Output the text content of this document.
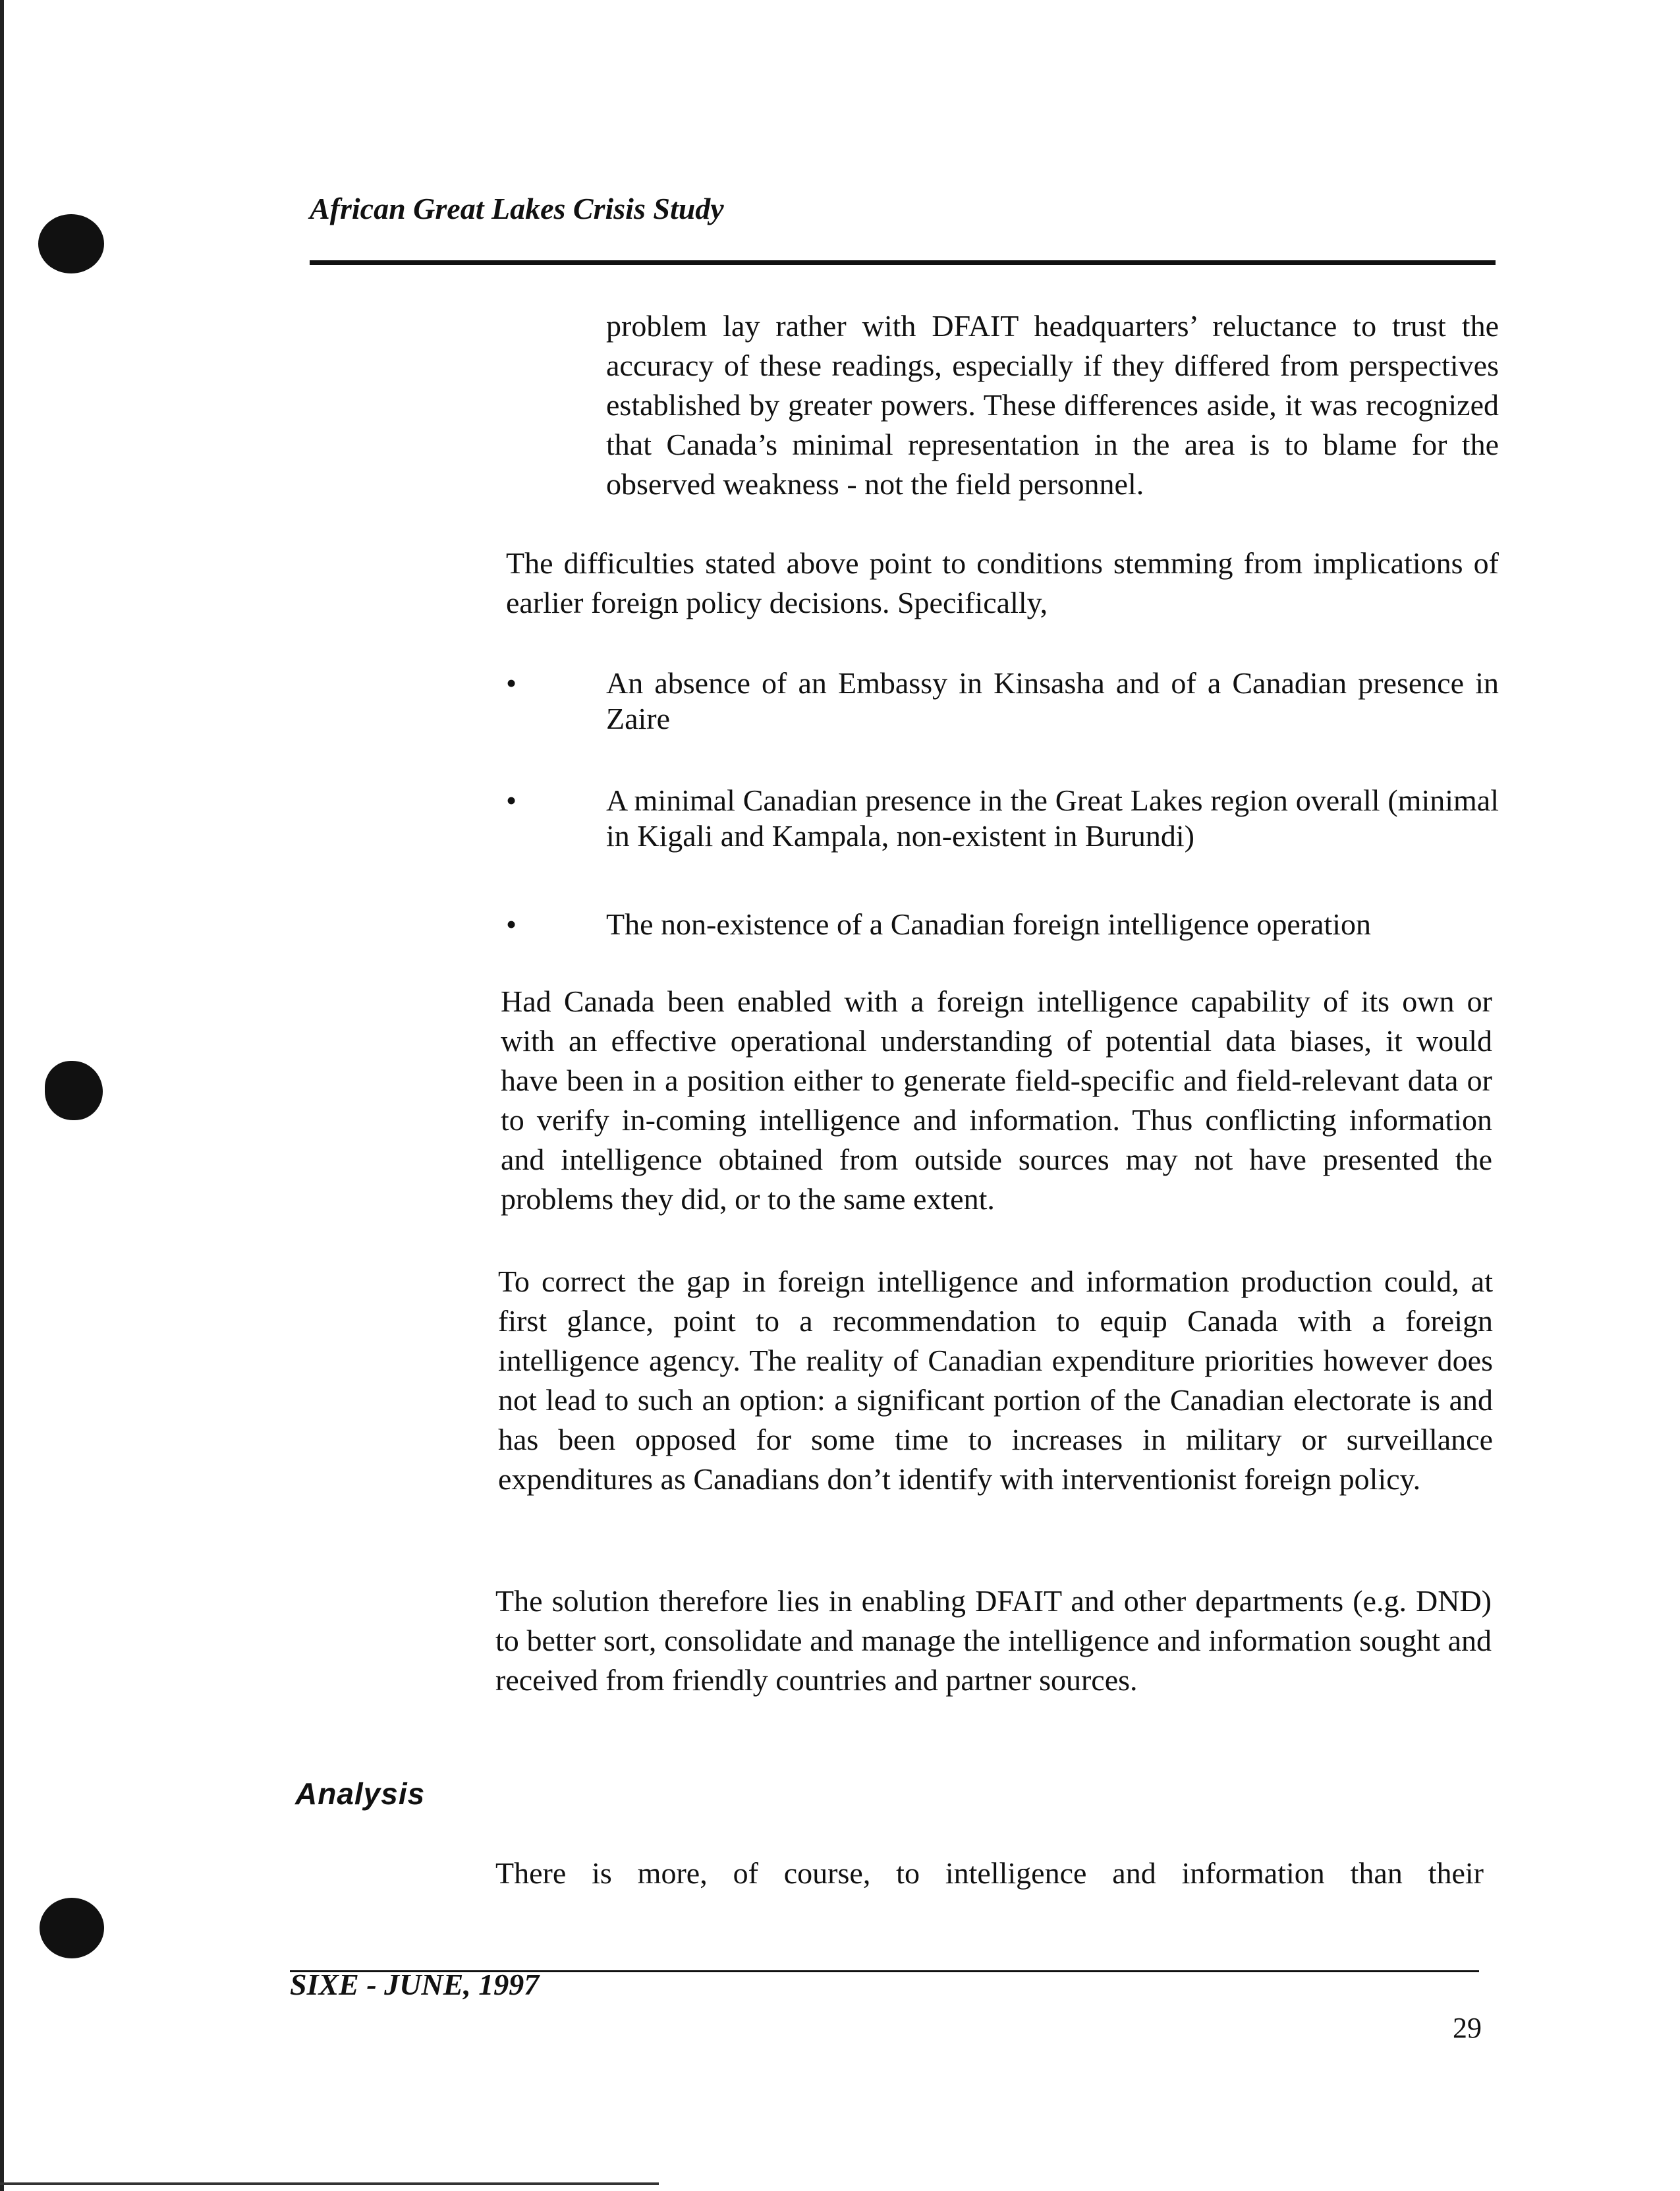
African Great Lakes Crisis Study

problem lay rather with DFAIT headquarters’ reluctance to trust the accuracy of these readings, especially if they differed from perspectives established by greater powers. These differences aside, it was recognized that Canada’s minimal representation in the area is to blame for the observed weakness - not the field personnel.

The difficulties stated above point to conditions stemming from implications of earlier foreign policy decisions. Specifically,

•	An absence of an Embassy in Kinsasha and of a Canadian presence in Zaire
•	A minimal Canadian presence in the Great Lakes region overall (minimal in Kigali and Kampala, non-existent in Burundi)
•	The non-existence of a Canadian foreign intelligence operation

Had Canada been enabled with a foreign intelligence capability of its own or with an effective operational understanding of potential data biases, it would have been in a position either to generate field-specific and field-relevant data or to verify in-coming intelligence and information. Thus conflicting information and intelligence obtained from outside sources may not have presented the problems they did, or to the same extent.

To correct the gap in foreign intelligence and information production could, at first glance, point to a recommendation to equip Canada with a foreign intelligence agency. The reality of Canadian expenditure priorities however does not lead to such an option: a significant portion of the Canadian electorate is and has been opposed for some time to increases in military or surveillance expenditures as Canadians don’t identify with interventionist foreign policy.

The solution therefore lies in enabling DFAIT and other departments (e.g. DND) to better sort, consolidate and manage the intelligence and information sought and received from friendly countries and partner sources.

Analysis

There is more, of course, to intelligence and information than their

SIXE - JUNE, 1997
29
